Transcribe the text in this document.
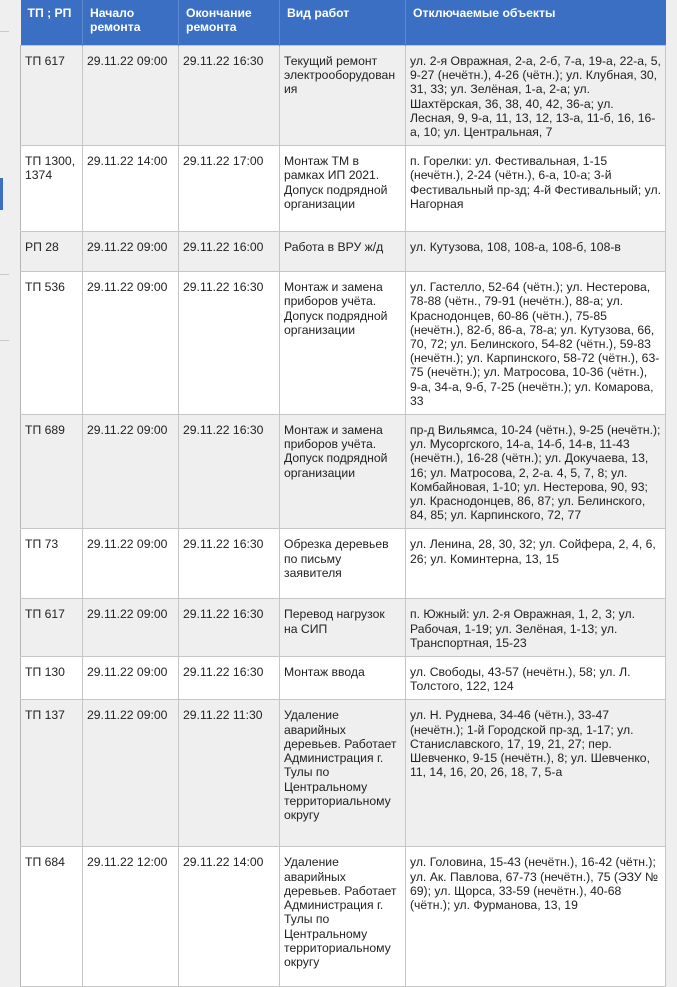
ТП ; РП	Начало ремонта	Окончание ремонта	Вид работ	Отключаемые объекты
ТП 617	29.11.22 09:00	29.11.22 16:30	Текущий ремонт электрооборудования	ул. 2-я Овражная, 2-а, 2-б, 7-а, 19-а, 22-а, 5, 9-27 (нечётн.), 4-26 (чётн.); ул. Клубная, 30, 31, 33; ул. Зелёная, 1-а, 2-а; ул. Шахтёрская, 36, 38, 40, 42, 36-а; ул. Лесная, 9, 9-а, 11, 13, 12, 13-а, 11-б, 16, 16-а, 10; ул. Центральная, 7
ТП 1300, 1374	29.11.22 14:00	29.11.22 17:00	Монтаж ТМ в рамках ИП 2021. Допуск подрядной организации	п. Горелки: ул. Фестивальная, 1-15 (нечётн.), 2-24 (чётн.), 6-а, 10-а; 3-й Фестивальный пр-зд; 4-й Фестивальный; ул. Нагорная
РП 28	29.11.22 09:00	29.11.22 16:00	Работа в ВРУ ж/д	ул. Кутузова, 108, 108-а, 108-б, 108-в
ТП 536	29.11.22 09:00	29.11.22 16:30	Монтаж и замена приборов учёта. Допуск подрядной организации	ул. Гастелло, 52-64 (чётн.); ул. Нестерова, 78-88 (чётн., 79-91 (нечётн.), 88-а; ул. Краснодонцев, 60-86 (чётн.), 75-85 (нечётн.), 82-б, 86-а, 78-а; ул. Кутузова, 66, 70, 72; ул. Белинского, 54-82 (чётн.), 59-83 (нечётн.); ул. Карпинского, 58-72 (чётн.), 63-75 (нечётн.); ул. Матросова, 10-36 (чётн.), 9-а, 34-а, 9-б, 7-25 (нечётн.); ул. Комарова, 33
ТП 689	29.11.22 09:00	29.11.22 16:30	Монтаж и замена приборов учёта. Допуск подрядной организации	пр-д Вильямса, 10-24 (чётн.), 9-25 (нечётн.); ул. Мусоргского, 14-а, 14-б, 14-в, 11-43 (нечётн.), 16-28 (чётн.); ул. Докучаева, 13, 16; ул. Матросова, 2, 2-а. 4, 5, 7, 8; ул. Комбайновая, 1-10; ул. Нестерова, 90, 93; ул. Краснодонцев, 86, 87; ул. Белинского, 84, 85; ул. Карпинского, 72, 77
ТП 73	29.11.22 09:00	29.11.22 16:30	Обрезка деревьев по письму заявителя	ул. Ленина, 28, 30, 32; ул. Сойфера, 2, 4, 6, 26; ул. Коминтерна, 13, 15
ТП 617	29.11.22 09:00	29.11.22 16:30	Перевод нагрузок на СИП	п. Южный: ул. 2-я Овражная, 1, 2, 3; ул. Рабочая, 1-19; ул. Зелёная, 1-13; ул. Транспортная, 15-23
ТП 130	29.11.22 09:00	29.11.22 16:30	Монтаж ввода	ул. Свободы, 43-57 (нечётн.), 58; ул. Л. Толстого, 122, 124
ТП 137	29.11.22 09:00	29.11.22 11:30	Удаление аварийных деревьев. Работает Администрация г. Тулы по Центральному территориальному округу	ул. Н. Руднева, 34-46 (чётн.), 33-47 (нечётн.); 1-й Городской пр-зд, 1-17; ул. Станиславского, 17, 19, 21, 27; пер. Шевченко, 9-15 (нечётн.), 8; ул. Шевченко, 11, 14, 16, 20, 26, 18, 7, 5-а
ТП 684	29.11.22 12:00	29.11.22 14:00	Удаление аварийных деревьев. Работает Администрация г. Тулы по Центральному территориальному округу	ул. Головина, 15-43 (нечётн.), 16-42 (чётн.); ул. Ак. Павлова, 67-73 (нечётн.), 75 (ЭЗУ № 69); ул. Щорса, 33-59 (нечётн.), 40-68 (чётн.); ул. Фурманова, 13, 19
